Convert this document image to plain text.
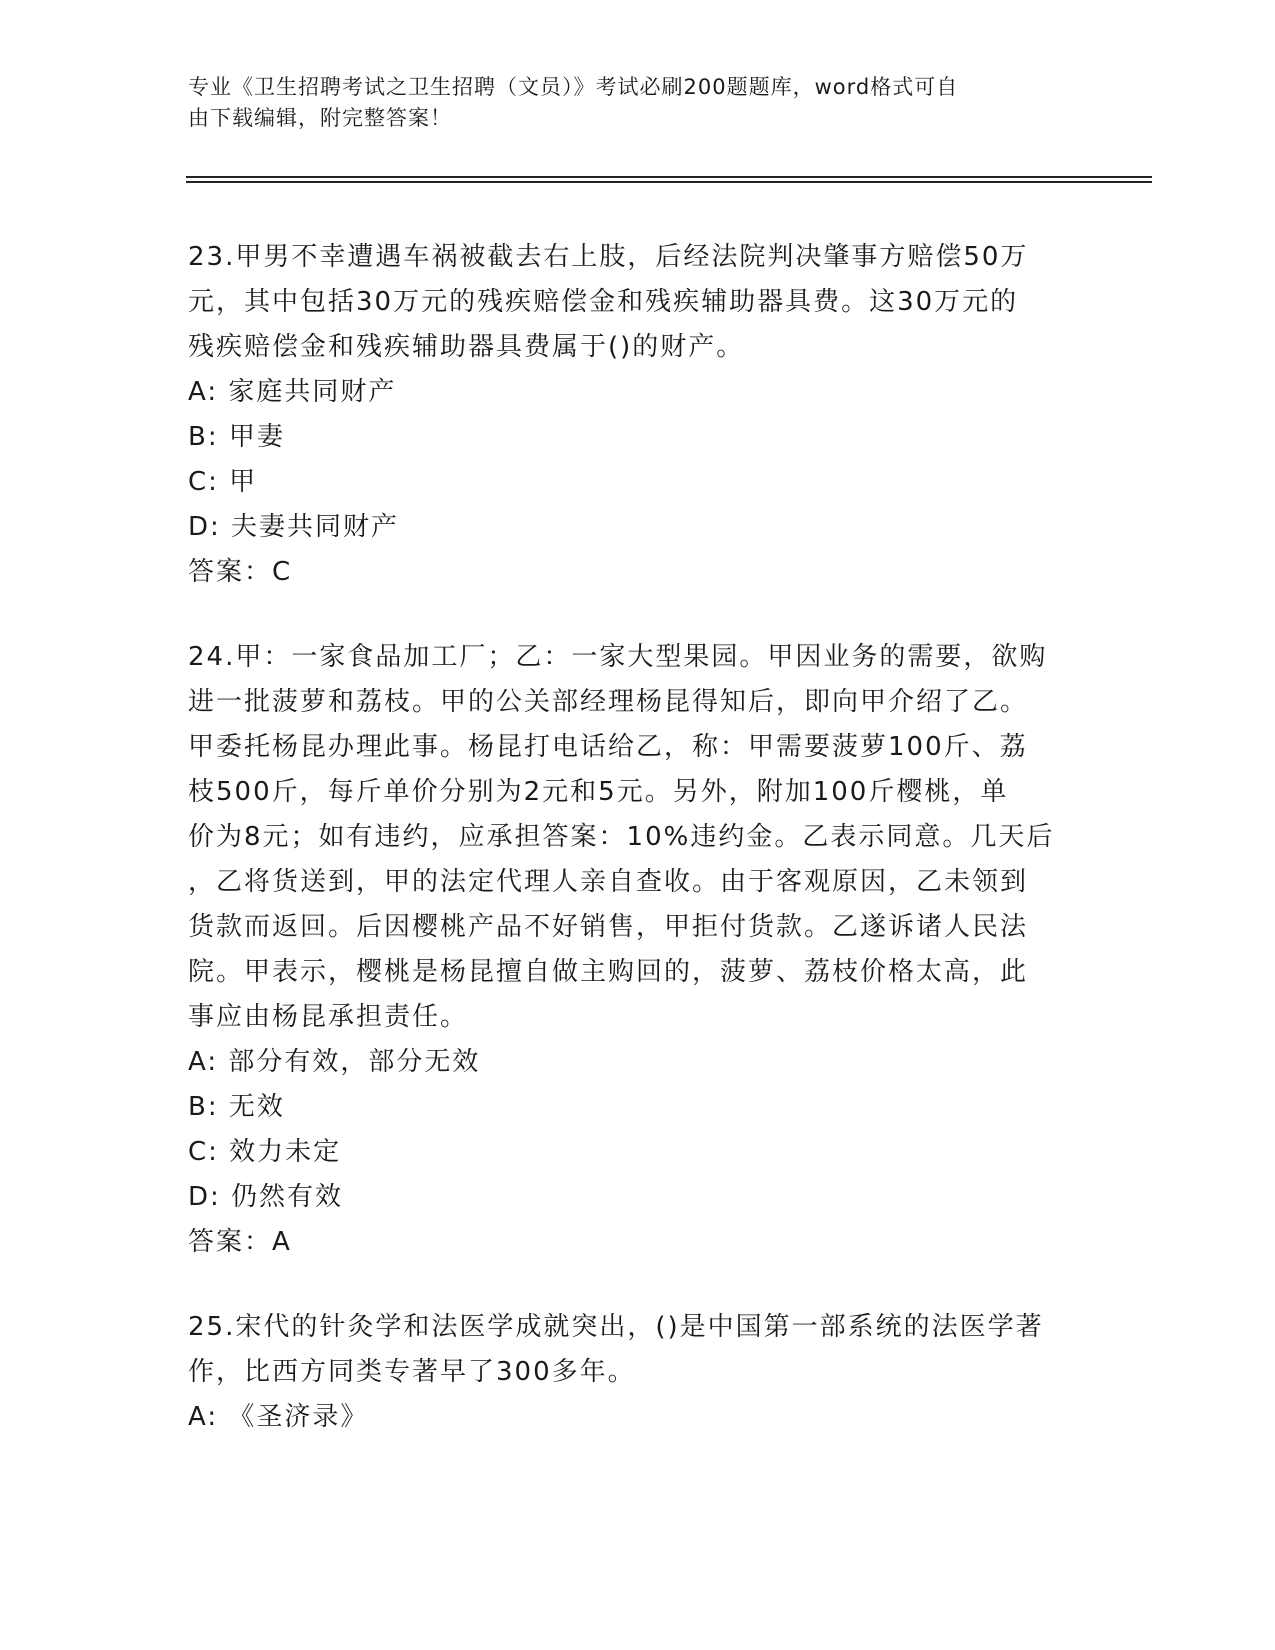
专业《卫生招聘考试之卫生招聘（文员）》考试必刷200题题库，word格式可自
由下载编辑，附完整答案！
23.甲男不幸遭遇车祸被截去右上肢，后经法院判决肇事方赔偿50万
元，其中包括30万元的残疾赔偿金和残疾辅助器具费。这30万元的
残疾赔偿金和残疾辅助器具费属于()的财产。
A: 家庭共同财产
B: 甲妻
C: 甲
D: 夫妻共同财产
答案：C
24.甲：一家食品加工厂；乙：一家大型果园。甲因业务的需要，欲购
进一批菠萝和荔枝。甲的公关部经理杨昆得知后，即向甲介绍了乙。
甲委托杨昆办理此事。杨昆打电话给乙，称：甲需要菠萝100斤、荔
枝500斤，每斤单价分别为2元和5元。另外，附加100斤樱桃，单
价为8元；如有违约，应承担答案：10%违约金。乙表示同意。几天后
，乙将货送到，甲的法定代理人亲自查收。由于客观原因，乙未领到
货款而返回。后因樱桃产品不好销售，甲拒付货款。乙遂诉诸人民法
院。甲表示，樱桃是杨昆擅自做主购回的，菠萝、荔枝价格太高，此
事应由杨昆承担责任。
A: 部分有效，部分无效
B: 无效
C: 效力未定
D: 仍然有效
答案：A
25.宋代的针灸学和法医学成就突出，()是中国第一部系统的法医学著
作，比西方同类专著早了300多年。
A: 《圣济录》
